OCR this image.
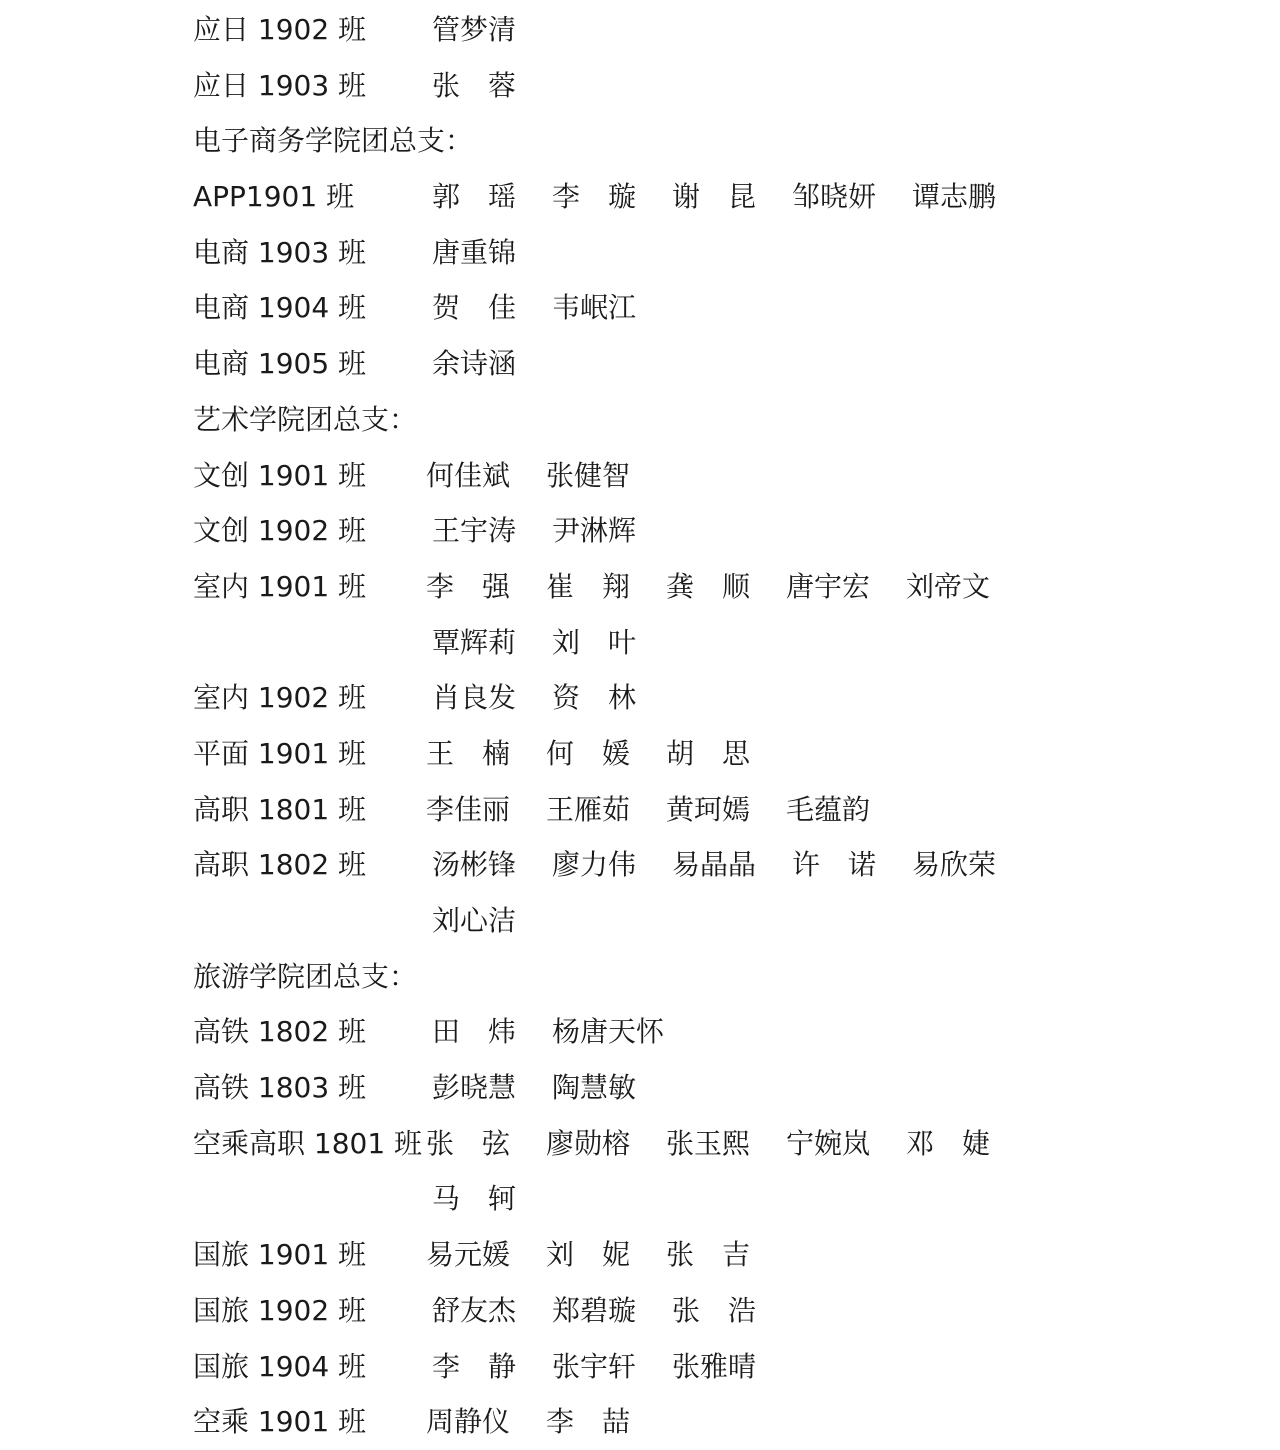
应日 1902 班 管梦清
应日 1903 班 张　蓉
电子商务学院团总支：
APP1901 班	郭　瑶 李　璇 谢　昆 邹晓妍 谭志鹏
电商 1903 班 唐重锦
电商 1904 班 贺　佳 韦岷江
电商 1905 班 余诗涵
艺术学院团总支：
文创 1901 班 何佳斌 张健智
文创 1902 班 王宇涛 尹淋辉
室内 1901 班 李　强 崔　翔 龚　顺 唐宇宏 刘帝文
覃辉莉 刘　叶
室内 1902 班 肖良发 资　林
平面 1901 班 王　楠 何　媛 胡　思
高职 1801 班 李佳丽 王雁茹 黄珂嫣 毛蕴韵
高职 1802 班 汤彬锋 廖力伟 易晶晶 许　诺 易欣荣
刘心洁
旅游学院团总支：
高铁 1802 班 田　炜 杨唐天怀
高铁 1803 班 彭晓慧 陶慧敏
空乘高职 1801 班 张　弦 廖勋榕 张玉熙 宁婉岚 邓　婕
马　轲
国旅 1901 班 易元媛 刘　妮 张　吉
国旅 1902 班 舒友杰 郑碧璇 张　浩
国旅 1904 班 李　静 张宇轩 张雅晴
空乘 1901 班 周静仪 李　喆
